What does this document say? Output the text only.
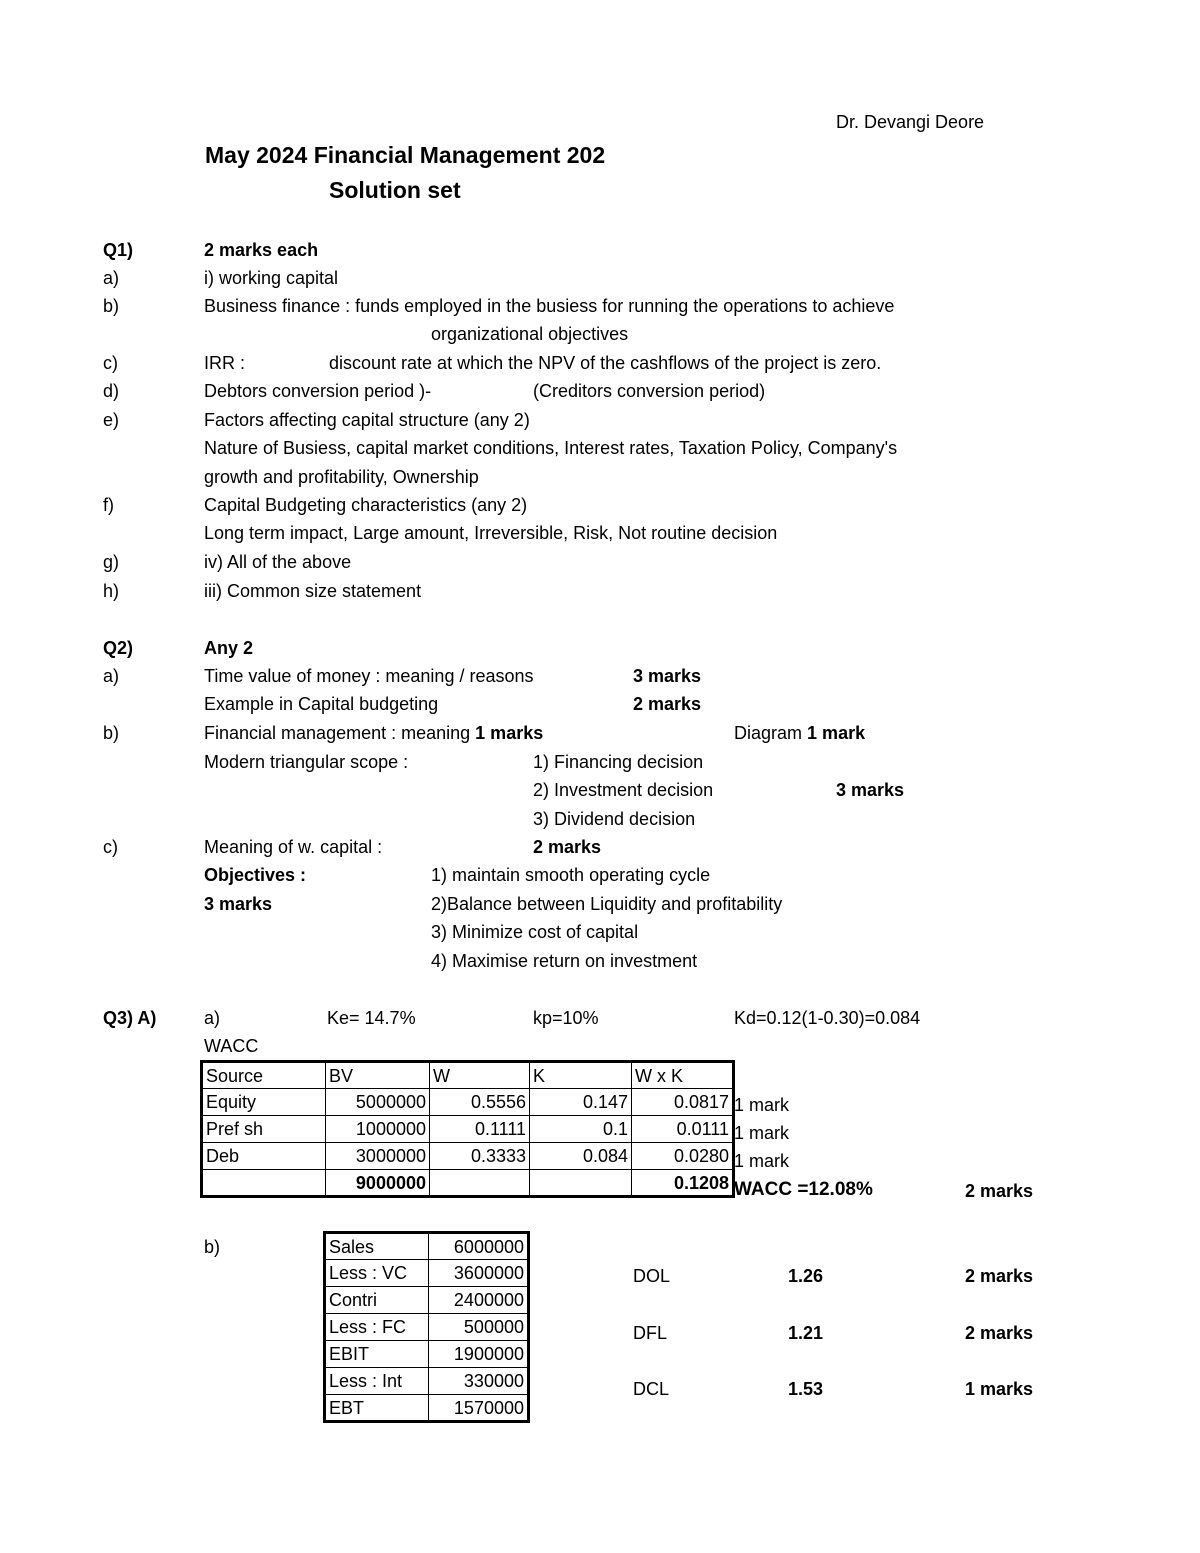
Dr. Devangi Deore
May 2024 Financial Management 202
Solution set
Q1)	2 marks each
a)	i) working capital
b)	Business finance : funds employed in the busiess for running the operations to achieve
organizational objectives
c)	IRR :	discount rate at which the NPV of the cashflows of the project is zero.
d)	Debtors conversion period )-	(Creditors conversion period)
e)	Factors affecting capital structure (any 2)
Nature of Busiess, capital market conditions, Interest rates, Taxation Policy, Company's
growth and profitability, Ownership
f)	Capital Budgeting characteristics (any 2)
Long term impact, Large amount, Irreversible, Risk, Not routine decision
g)	iv) All of the above
h)	iii) Common size statement
Q2)	Any 2
a)	Time value of money : meaning / reasons	3 marks
Example in Capital budgeting	2 marks
b)	Financial management : meaning 1 marks	Diagram 1 mark
Modern triangular scope :	1) Financing decision
2) Investment decision	3 marks
3) Dividend decision
c)	Meaning of w. capital :	2 marks
Objectives :	1) maintain smooth operating cycle
3 marks	2)Balance between Liquidity and profitability
3) Minimize cost of capital
4) Maximise return on investment
Q3) A)	a)	Ke= 14.7%	kp=10%	Kd=0.12(1-0.30)=0.084
WACC
Source	BV	W	K	W x K
Equity	5000000	0.5556	0.147	0.0817
Pref sh	1000000	0.1111	0.1	0.0111
Deb	3000000	0.3333	0.084	0.0280
	9000000			0.1208
1 mark
1 mark
1 mark
WACC =12.08%	2 marks
b)	Sales	6000000
Less : VC	3600000
Contri	2400000
Less : FC	500000
EBIT	1900000
Less : Int	330000
EBT	1570000
DOL	1.26	2 marks
DFL	1.21	2 marks
DCL	1.53	1 marks
